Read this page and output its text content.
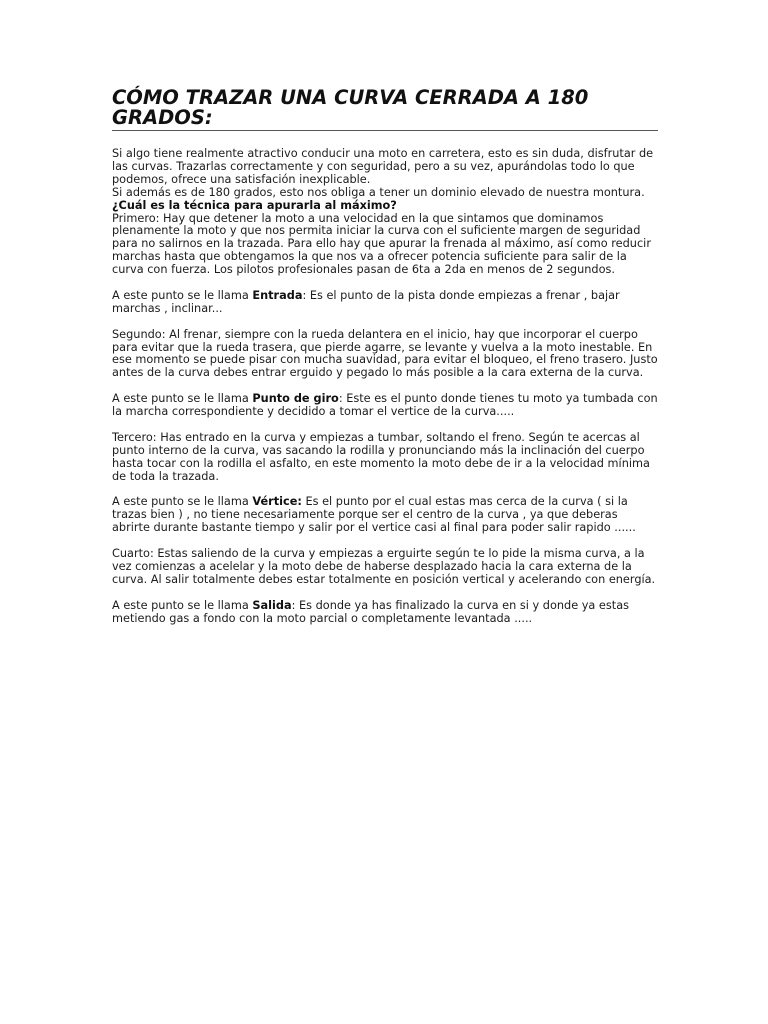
CÓMO TRAZAR UNA CURVA CERRADA A 180 GRADOS:

Si algo tiene realmente atractivo conducir una moto en carretera, esto es sin duda, disfrutar de las curvas. Trazarlas correctamente y con seguridad, pero a su vez, apurándolas todo lo que podemos, ofrece una satisfación inexplicable.

Si además es de 180 grados, esto nos obliga a tener un dominio elevado de nuestra montura. ¿Cuál es la técnica para apurarla al máximo?

Primero: Hay que detener la moto a una velocidad en la que sintamos que dominamos plenamente la moto y que nos permita iniciar la curva con el suficiente margen de seguridad para no salirnos en la trazada. Para ello hay que apurar la frenada al máximo, así como reducir marchas hasta que obtengamos la que nos va a ofrecer potencia suficiente para salir de la curva con fuerza. Los pilotos profesionales pasan de 6ta a 2da en menos de 2 segundos.

A este punto se le llama Entrada: Es el punto de la pista donde empiezas a frenar , bajar marchas , inclinar...

Segundo: Al frenar, siempre con la rueda delantera en el inicio, hay que incorporar el cuerpo para evitar que la rueda trasera, que pierde agarre, se levante y vuelva a la moto inestable. En ese momento se puede pisar con mucha suavidad, para evitar el bloqueo, el freno trasero. Justo antes de la curva debes entrar erguido y pegado lo más posible a la cara externa de la curva.

A este punto se le llama Punto de giro: Este es el punto donde tienes tu moto ya tumbada con la marcha correspondiente y decidido a tomar el vertice de la curva.....

Tercero: Has entrado en la curva y empiezas a tumbar, soltando el freno. Según te acercas al punto interno de la curva, vas sacando la rodilla y pronunciando más la inclinación del cuerpo hasta tocar con la rodilla el asfalto, en este momento la moto debe de ir a la velocidad mínima de toda la trazada.

A este punto se le llama Vértice: Es el punto por el cual estas mas cerca de la curva ( si la trazas bien ) , no tiene necesariamente porque ser el centro de la curva , ya que deberas abrirte durante bastante tiempo y salir por el vertice casi al final para poder salir rapido ......

Cuarto: Estas saliendo de la curva y empiezas a erguirte según te lo pide la misma curva, a la vez comienzas a acelelar y la moto debe de haberse desplazado hacia la cara externa de la curva. Al salir totalmente debes estar totalmente en posición vertical y acelerando con energía.

A este punto se le llama Salida: Es donde ya has finalizado la curva en si y donde ya estas metiendo gas a fondo con la moto parcial o completamente levantada .....
